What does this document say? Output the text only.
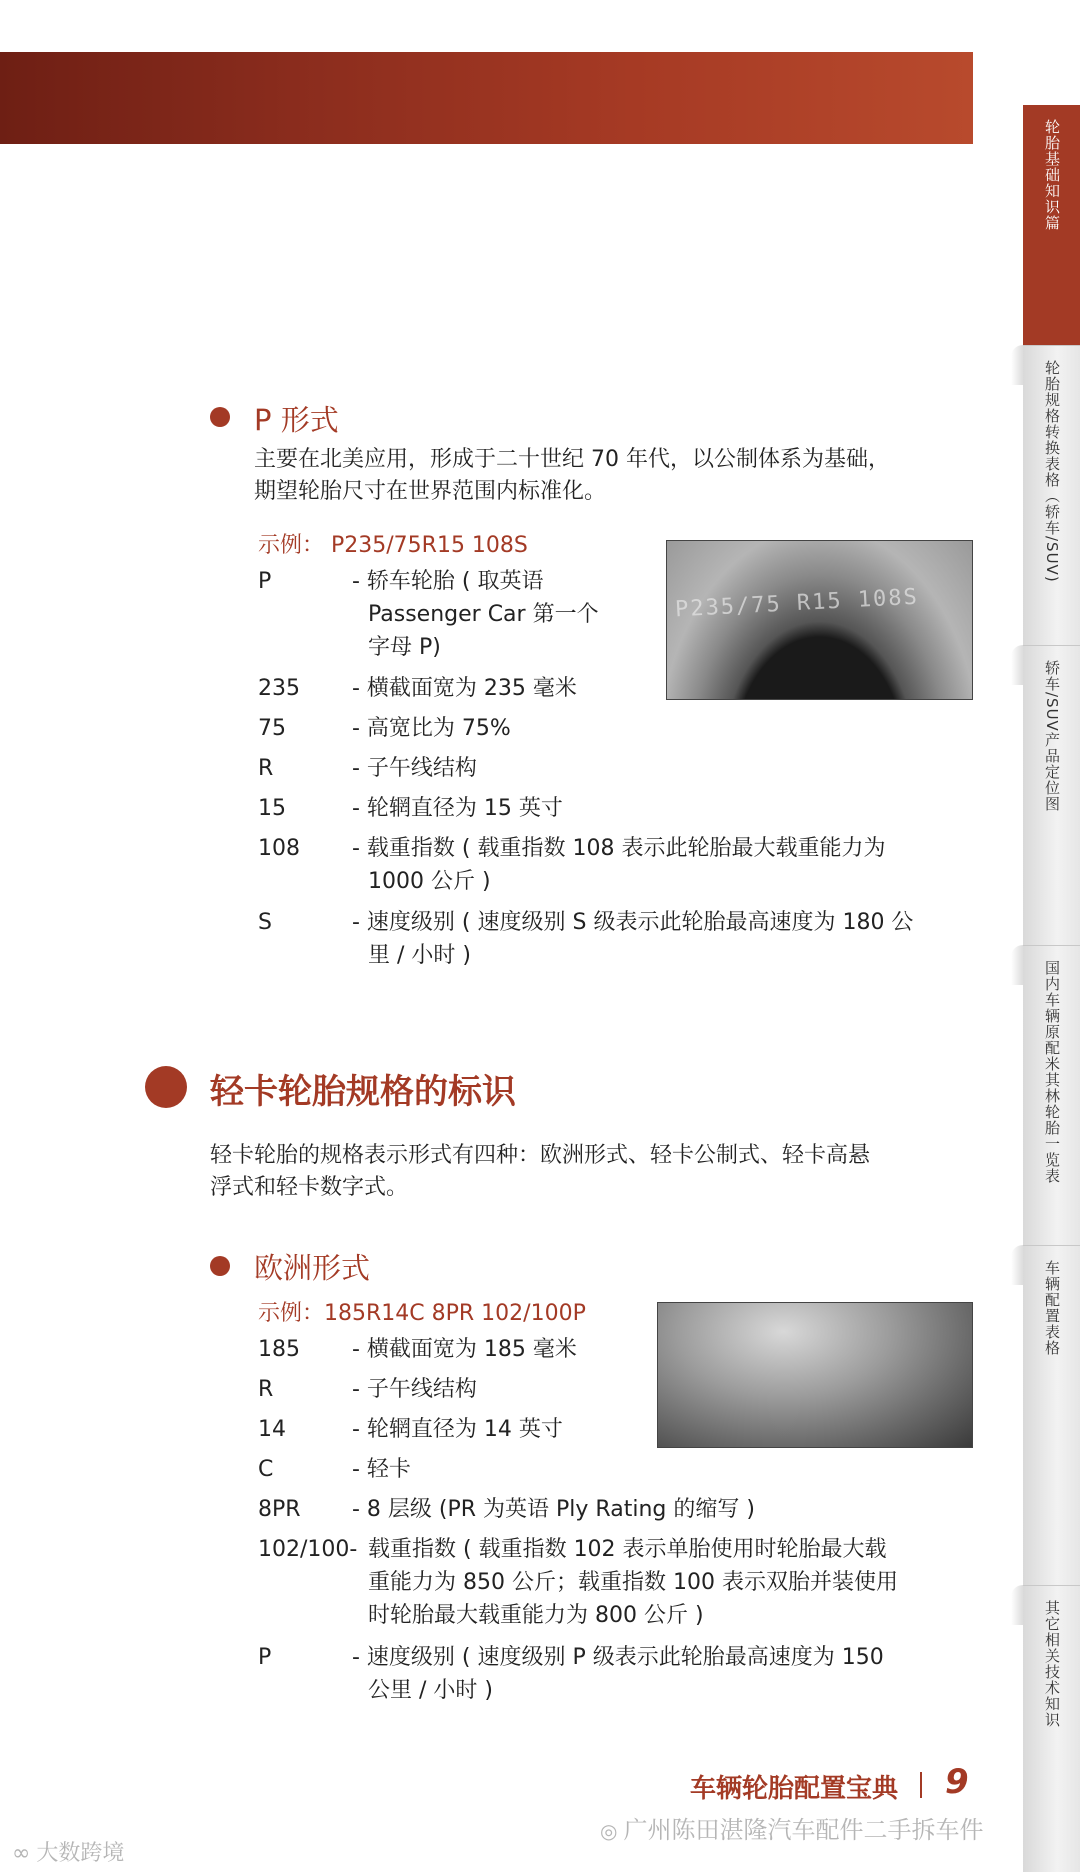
轮胎基础知识篇
轮胎规格转换表格（轿车/SUV)
轿车/SUV产品定位图
国内车辆原配米其林轮胎一览表
车辆配置表格
其它相关技术知识
P 形式
主要在北美应用，形成于二十世纪 70 年代，以公制体系为基础，
期望轮胎尺寸在世界范围内标准化。
示例： P235/75R15 108S
P235/75 R15 108S
P	- 轿车轮胎 ( 取英语
Passenger Car 第一个
字母 P)
235 - 横截面宽为 235 毫米
75	- 高宽比为 75%
R	- 子午线结构
15	- 轮辋直径为 15 英寸
108 - 载重指数 ( 载重指数 108 表示此轮胎最大载重能力为
1000 公斤 )
S	- 速度级别 ( 速度级别 S 级表示此轮胎最高速度为 180 公
里 / 小时 )
轻卡轮胎规格的标识
轻卡轮胎的规格表示形式有四种：欧洲形式、轻卡公制式、轻卡高悬
浮式和轻卡数字式。
欧洲形式
示例：185R14C 8PR 102/100P
185 - 横截面宽为 185 毫米
R	- 子午线结构
14	- 轮辋直径为 14 英寸
C	- 轻卡
8PR - 8 层级 (PR 为英语 Ply Rating 的缩写 )
102/100- 载重指数 ( 载重指数 102 表示单胎使用时轮胎最大载
重能力为 850 公斤；载重指数 100 表示双胎并装使用
时轮胎最大载重能力为 800 公斤 )
P	- 速度级别 ( 速度级别 P 级表示此轮胎最高速度为 150
公里 / 小时 )
车辆轮胎配置宝典 9
◎ 广州陈田湛隆汽车配件二手拆车件
∞ 大数跨境
